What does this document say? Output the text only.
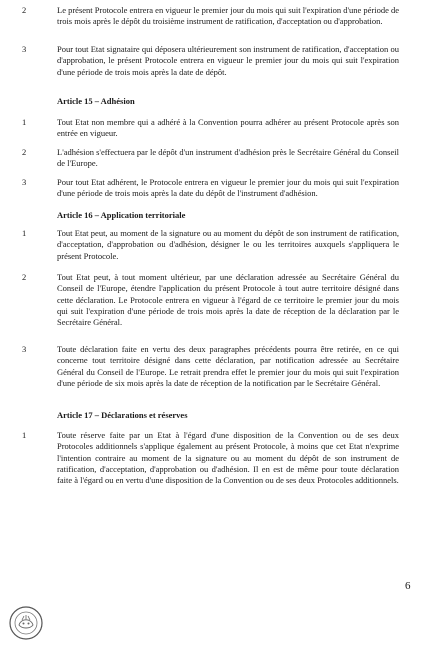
2	Le présent Protocole entrera en vigueur le premier jour du mois qui suit l'expiration d'une période de trois mois après le dépôt du troisième instrument de ratification, d'acceptation ou d'approbation.

3	Pour tout Etat signataire qui déposera ultérieurement son instrument de ratification, d'acceptation ou d'approbation, le présent Protocole entrera en vigueur le premier jour du mois qui suit l'expiration d'une période de trois mois après la date de dépôt.

Article 15 – Adhésion
1	Tout Etat non membre qui a adhéré à la Convention pourra adhérer au présent Protocole après son entrée en vigueur.

2	L'adhésion s'effectuera par le dépôt d'un instrument d'adhésion près le Secrétaire Général du Conseil de l'Europe.

3	Pour tout Etat adhérent, le Protocole entrera en vigueur le premier jour du mois qui suit l'expiration d'une période de trois mois après la date du dépôt de l'instrument d'adhésion.

Article 16 – Application territoriale
1	Tout Etat peut, au moment de la signature ou au moment du dépôt de son instrument de ratification, d'acceptation, d'approbation ou d'adhésion, désigner le ou les territoires auxquels s'appliquera le présent Protocole.

2	Tout Etat peut, à tout moment ultérieur, par une déclaration adressée au Secrétaire Général du Conseil de l'Europe, étendre l'application du présent Protocole à tout autre territoire désigné dans cette déclaration. Le Protocole entrera en vigueur à l'égard de ce territoire le premier jour du mois qui suit l'expiration d'une période de trois mois après la date de réception de la déclaration par le Secrétaire Général.

3	Toute déclaration faite en vertu des deux paragraphes précédents pourra être retirée, en ce qui concerne tout territoire désigné dans cette déclaration, par notification adressée au Secrétaire Général du Conseil de l'Europe. Le retrait prendra effet le premier jour du mois qui suit l'expiration d'une période de six mois après la date de réception de la notification par le Secrétaire Général.

Article 17 – Déclarations et réserves
1	Toute réserve faite par un Etat à l'égard d'une disposition de la Convention ou de ses deux Protocoles additionnels s'applique également au présent Protocole, à moins que cet Etat n'exprime l'intention contraire au moment de la signature ou au moment du dépôt de son instrument de ratification, d'acceptation, d'approbation ou d'adhésion. Il en est de même pour toute déclaration faite à l'égard ou en vertu d'une disposition de la Convention ou de ses deux Protocoles additionnels.

6
